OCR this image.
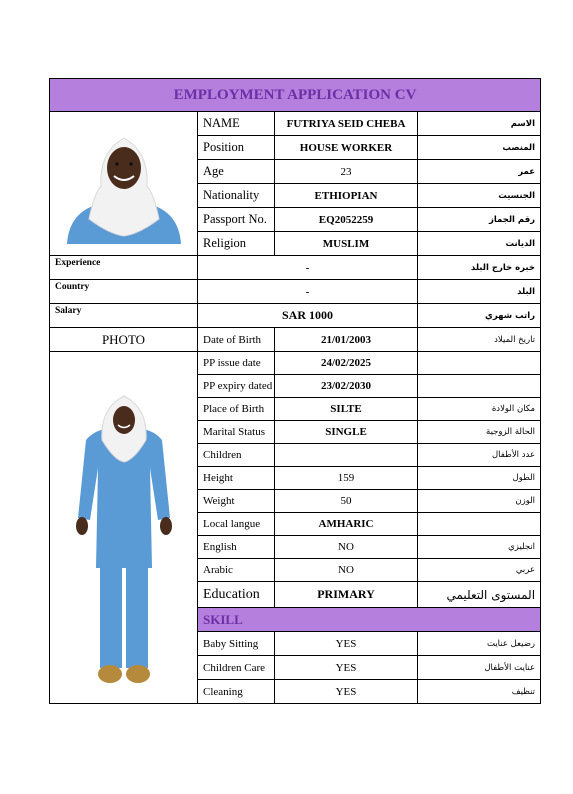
EMPLOYMENT APPLICATION CV			

	NAME	FUTRIYA SEID CHEBA	الاسم
	Position	HOUSE WORKER	المنصب
	Age	23	عمر
	Nationality	ETHIOPIAN	الجنسيت
	Passport No.	EQ2052259	رقم الجماز
	Religion	MUSLIM	الديانت
Experience	-		خبره خارج البلد
Country	-		البلد
Salary	SAR 1000		راتب شهري
PHOTO	Date of Birth	21/01/2003	تاريخ الميلاد

	PP issue date	24/02/2025	
	PP expiry dated	23/02/2030	
	Place of Birth	SILTE	مكان الولادة
	Marital Status	SINGLE	الحالة الزوجية
	Children		عدد الأطفال
	Height	159	الطول
	Weight	50	الوزن
	Local langue	AMHARIC	
	English	NO	انجليزي
	Arabic	NO	عربي
	Education	PRIMARY	المستوى التعليمي
	SKILL		
	Baby Sitting	YES	رضيعل عنايت
	Children Care	YES	عنايت الأطفال
	Cleaning	YES	تنظيف
